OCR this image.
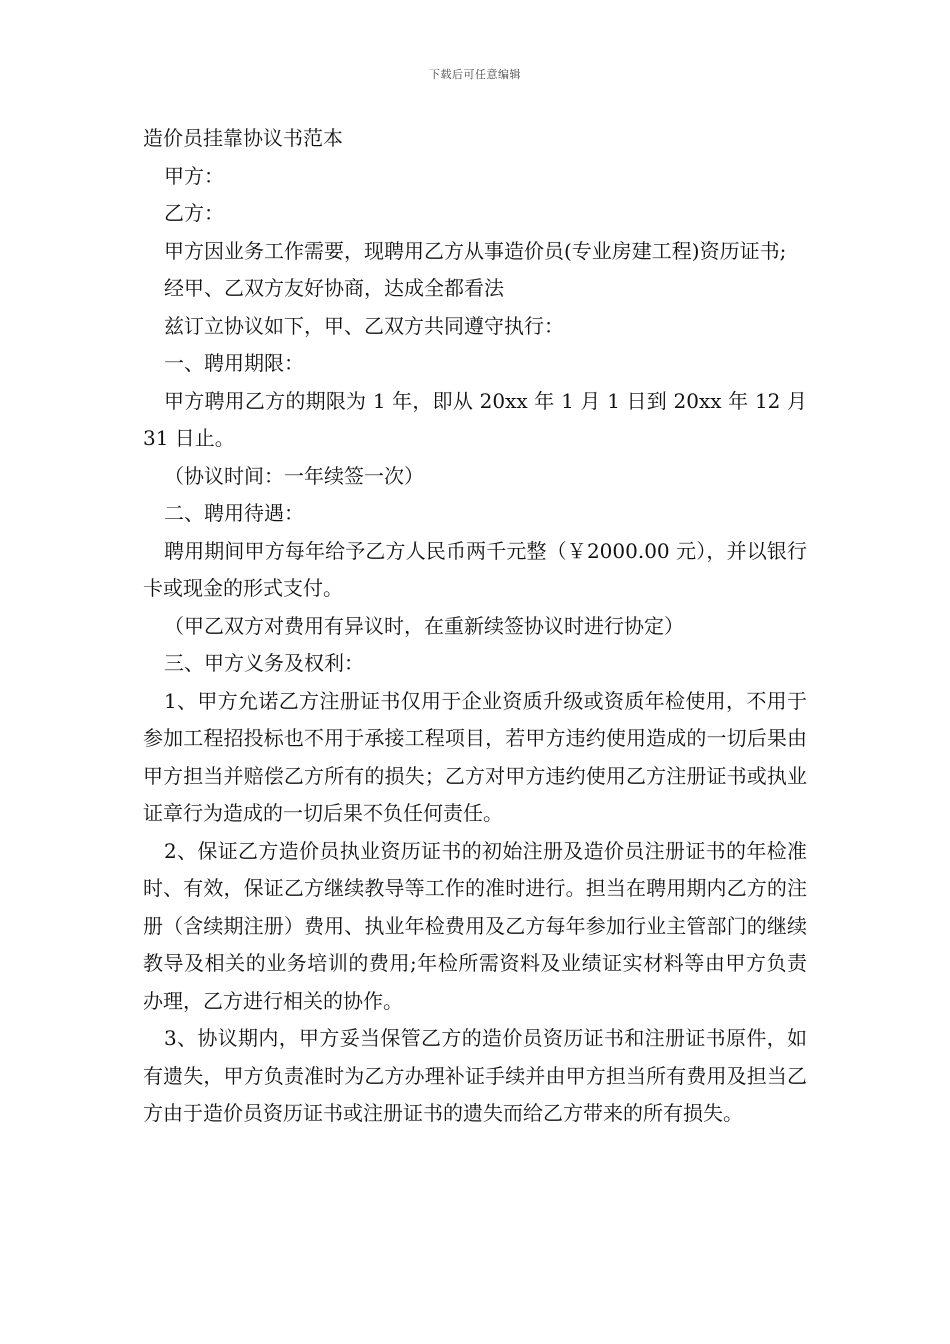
下载后可任意编辑

造价员挂靠协议书范本

甲方：

乙方：

甲方因业务工作需要，现聘用乙方从事造价员(专业房建工程)资历证书;

经甲、乙双方友好协商，达成全都看法

兹订立协议如下，甲、乙双方共同遵守执行：

一、聘用期限：

甲方聘用乙方的期限为 1 年，即从 20xx 年 1 月 1 日到 20xx 年 12 月 31 日止。

（协议时间：一年续签一次）

二、聘用待遇：

聘用期间甲方每年给予乙方人民币两千元整（￥2000.00 元），并以银行卡或现金的形式支付。

（甲乙双方对费用有异议时，在重新续签协议时进行协定）

三、甲方义务及权利：

1、甲方允诺乙方注册证书仅用于企业资质升级或资质年检使用，不用于参加工程招投标也不用于承接工程项目，若甲方违约使用造成的一切后果由甲方担当并赔偿乙方所有的损失；乙方对甲方违约使用乙方注册证书或执业证章行为造成的一切后果不负任何责任。

2、保证乙方造价员执业资历证书的初始注册及造价员注册证书的年检准时、有效，保证乙方继续教导等工作的准时进行。担当在聘用期内乙方的注册（含续期注册）费用、执业年检费用及乙方每年参加行业主管部门的继续教导及相关的业务培训的费用;年检所需资料及业绩证实材料等由甲方负责办理，乙方进行相关的协作。

3、协议期内，甲方妥当保管乙方的造价员资历证书和注册证书原件，如有遗失，甲方负责准时为乙方办理补证手续并由甲方担当所有费用及担当乙方由于造价员资历证书或注册证书的遗失而给乙方带来的所有损失。
